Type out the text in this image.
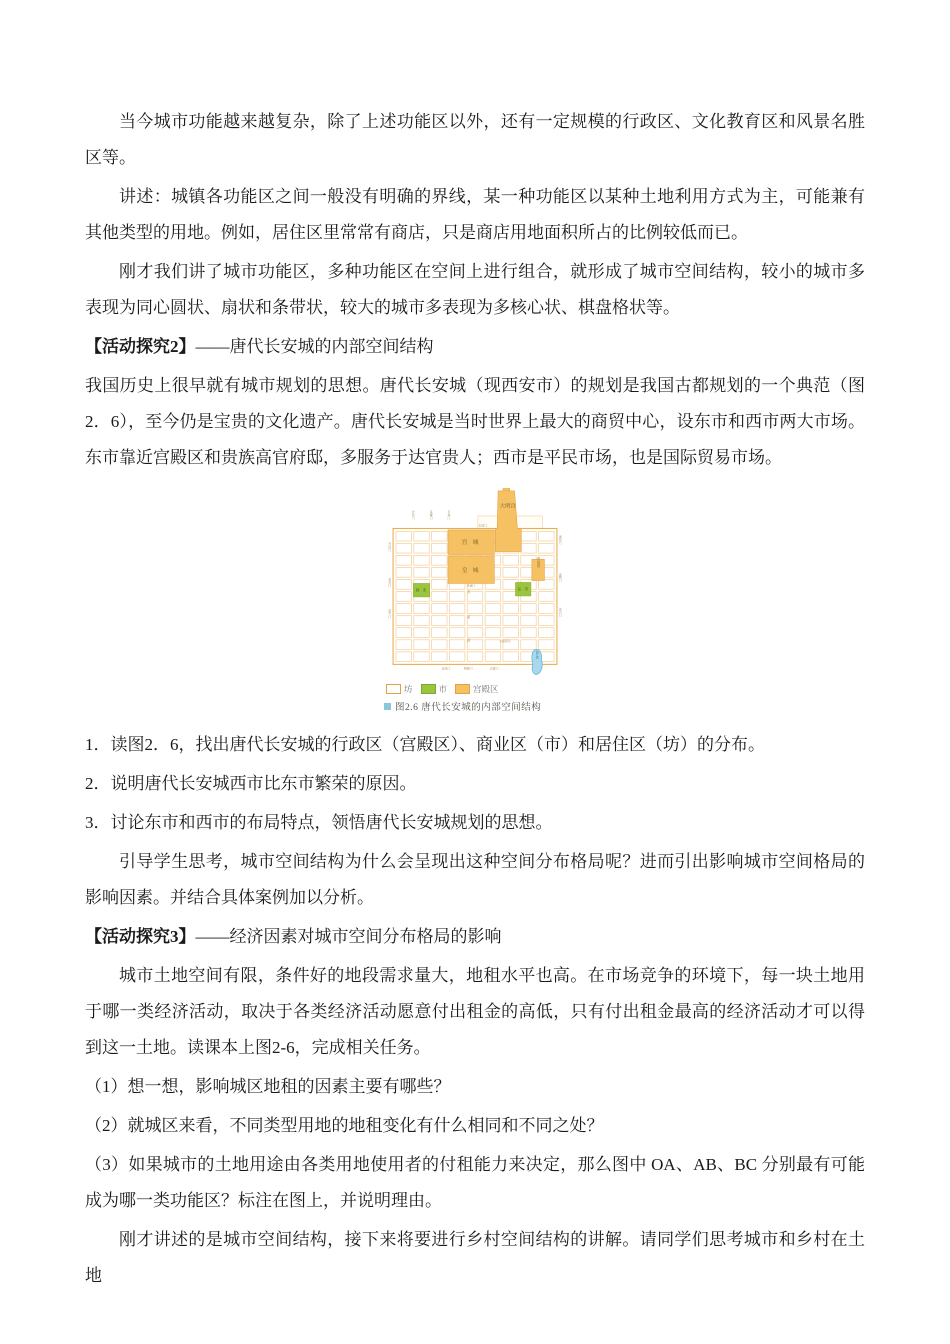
当今城市功能越来越复杂，除了上述功能区以外，还有一定规模的行政区、文化教育区和风景名胜区等。

讲述：城镇各功能区之间一般没有明确的界线，某一种功能区以某种土地利用方式为主，可能兼有其他类型的用地。例如，居住区里常常有商店，只是商店用地面积所占的比例较低而已。

刚才我们讲了城市功能区，多种功能区在空间上进行组合，就形成了城市空间结构，较小的城市多表现为同心圆状、扇状和条带状，较大的城市多表现为多核心状、棋盘格状等。

【活动探究2】——唐代长安城的内部空间结构

我国历史上很早就有城市规划的思想。唐代长安城（现西安市）的规划是我国古都规划的一个典范（图2．6），至今仍是宝贵的文化遗产。唐代长安城是当时世界上最大的商贸中心，设东市和西市两大市场。东市靠近宫殿区和贵族高官府邸，多服务于达官贵人；西市是平民市场，也是国际贸易市场。

大明宫
宫 城
皇 城
兴庆宫
西 市	东 市
曲江池
光化门	景耀门	芳林门
玄武门
开远门
金光门
延平门
通化门
春明门
延兴门
安化门	明德门	启夏门
朱雀门
朱
雀
街	大慈恩寺
坊	市	宫殿区
图2.6 唐代长安城的内部空间结构

1．读图2．6，找出唐代长安城的行政区（宫殿区）、商业区（市）和居住区（坊）的分布。

2．说明唐代长安城西市比东市繁荣的原因。

3．讨论东市和西市的布局特点，领悟唐代长安城规划的思想。

引导学生思考，城市空间结构为什么会呈现出这种空间分布格局呢？进而引出影响城市空间格局的影响因素。并结合具体案例加以分析。

【活动探究3】——经济因素对城市空间分布格局的影响

城市土地空间有限，条件好的地段需求量大，地租水平也高。在市场竞争的环境下，每一块土地用于哪一类经济活动，取决于各类经济活动愿意付出租金的高低，只有付出租金最高的经济活动才可以得到这一土地。读课本上图2-6，完成相关任务。

（1）想一想，影响城区地租的因素主要有哪些？

（2）就城区来看，不同类型用地的地租变化有什么相同和不同之处？

（3）如果城市的土地用途由各类用地使用者的付租能力来决定，那么图中 OA、AB、BC 分别最有可能成为哪一类功能区？标注在图上，并说明理由。

刚才讲述的是城市空间结构，接下来将要进行乡村空间结构的讲解。请同学们思考城市和乡村在土地
